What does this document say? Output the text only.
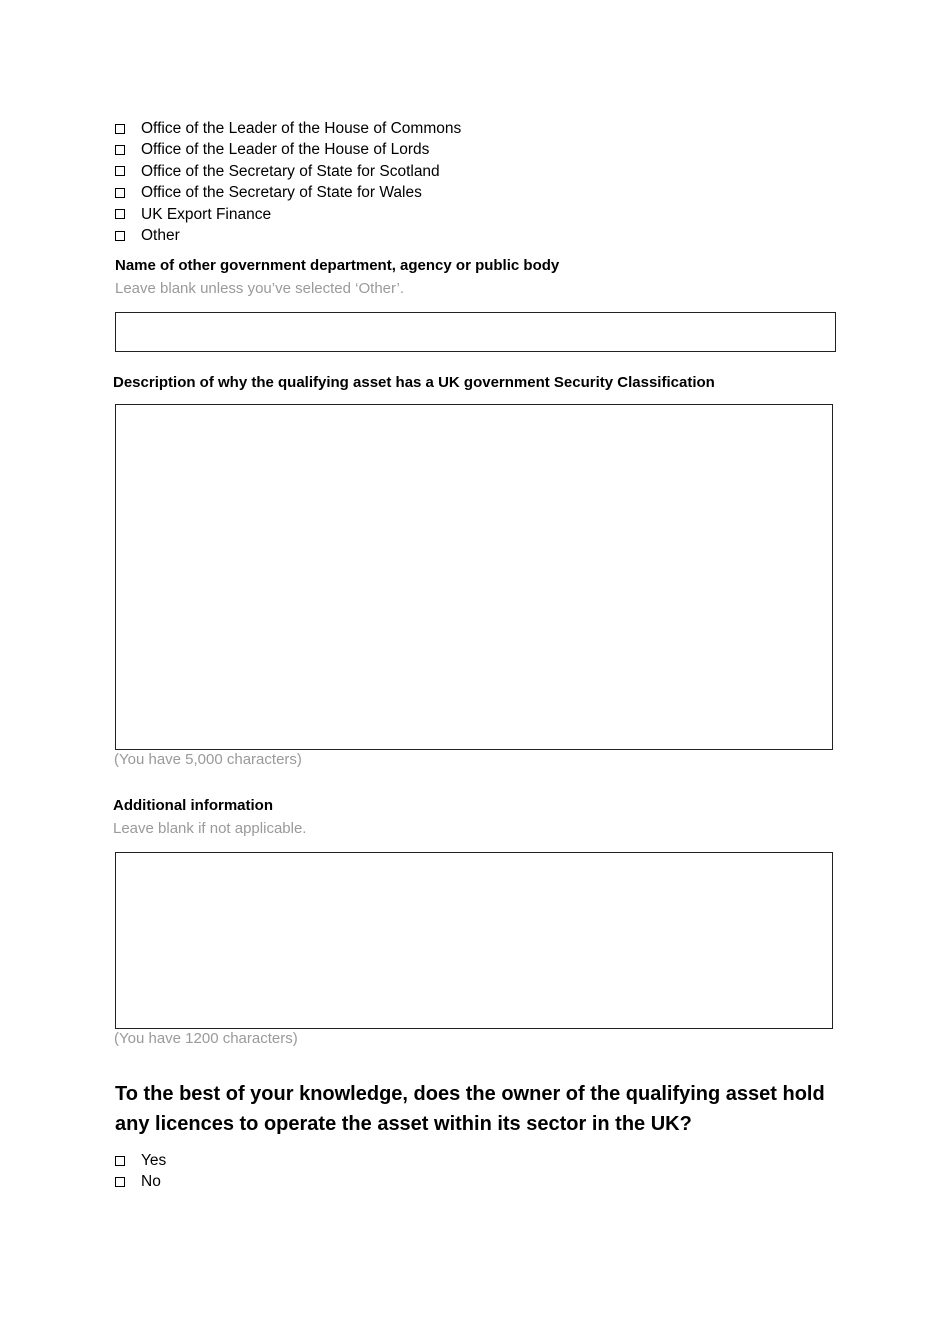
Office of the Leader of the House of Commons
Office of the Leader of the House of Lords
Office of the Secretary of State for Scotland
Office of the Secretary of State for Wales
UK Export Finance
Other
Name of other government department, agency or public body
Leave blank unless you’ve selected ‘Other’.
Description of why the qualifying asset has a UK government Security Classification
(You have 5,000 characters)
Additional information
Leave blank if not applicable.
(You have 1200 characters)
To the best of your knowledge, does the owner of the qualifying asset hold any licences to operate the asset within its sector in the UK?
Yes
No
